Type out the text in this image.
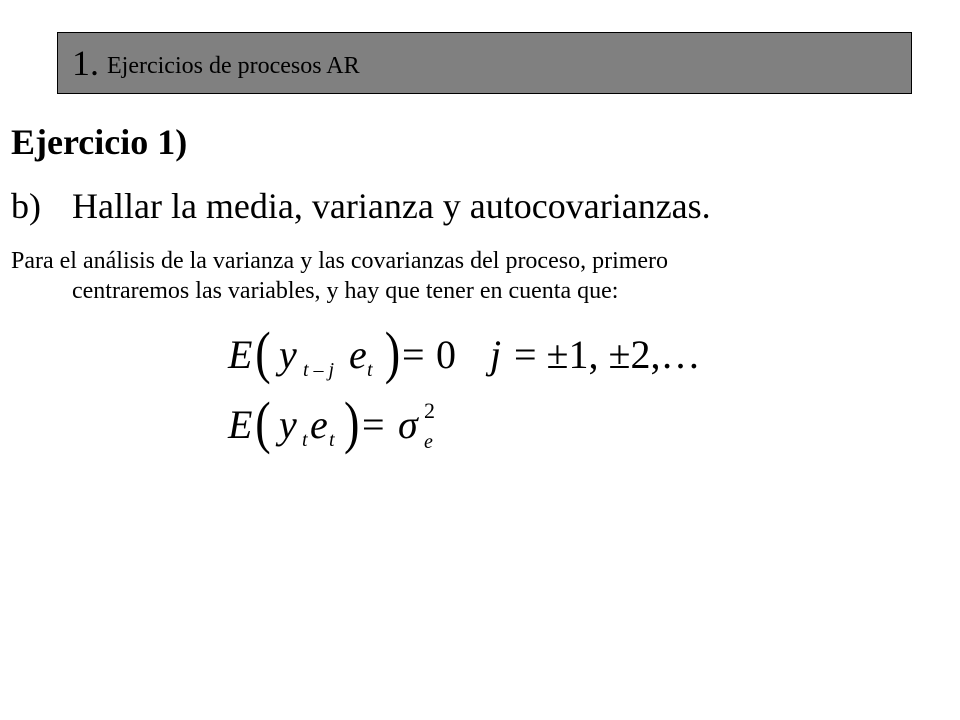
1. Ejercicios de procesos AR
Ejercicio 1)
b) Hallar la media, varianza y autocovarianzas.
Para el análisis de la varianza y las covarianzas del proceso, primero
centraremos las variables, y hay que tener en cuenta que:
E ( y t – j e t ) = 0 j = ±1, ±2,…
E ( y t e t ) = σ 2
e
